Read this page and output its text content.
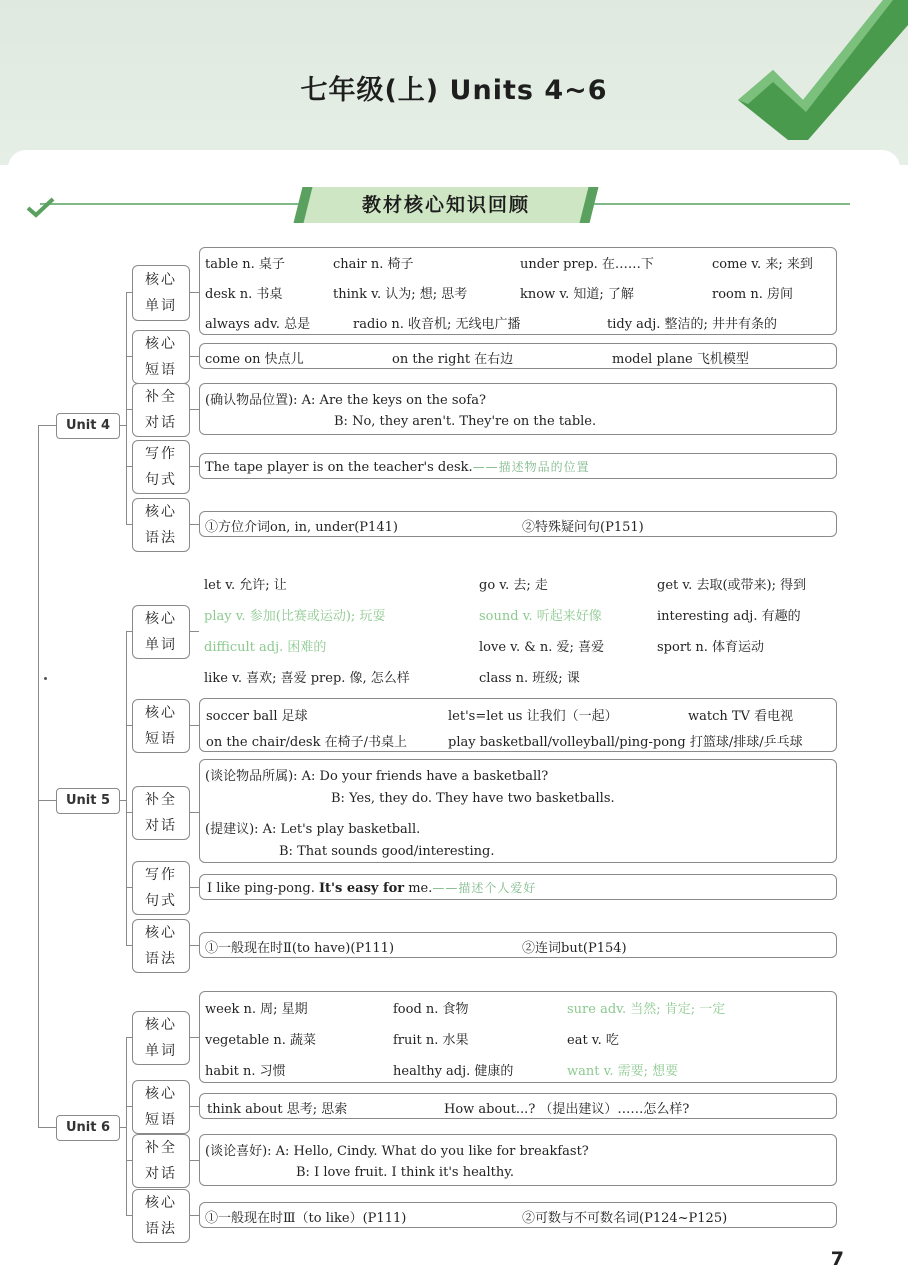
七年级(上) Units 4~6
教材核心知识回顾
Unit 4
核心
单词
table n. 桌子	chair n. 椅子	under prep. 在……下	come v. 来; 来到
desk n. 书桌	think v. 认为; 想; 思考	know v. 知道; 了解	room n. 房间
always adv. 总是	radio n. 收音机; 无线电广播	tidy adj. 整洁的; 井井有条的
核心
短语
come on 快点儿	on the right 在右边	model plane 飞机模型
补全
对话
(确认物品位置): A: Are the keys on the sofa?
B: No, they aren't. They're on the table.
写作
句式
The tape player is on the teacher's desk.——描述物品的位置
核心
语法
①方位介词on, in, under(P141)	②特殊疑问句(P151)
Unit 5
核心
单词
let v. 允许; 让	go v. 去; 走	get v. 去取(或带来); 得到
play v. 参加(比赛或运动); 玩耍	sound v. 听起来好像	interesting adj. 有趣的
difficult adj. 困难的	love v. & n. 爱; 喜爱	sport n. 体育运动
like v. 喜欢; 喜爱 prep. 像, 怎么样	class n. 班级; 课
核心
短语
soccer ball 足球	let's=let us 让我们（一起）	watch TV 看电视
on the chair/desk 在椅子/书桌上	play basketball/volleyball/ping-pong 打篮球/排球/乒乓球
补全
对话
(谈论物品所属): A: Do your friends have a basketball?
B: Yes, they do. They have two basketballs.
(提建议): A: Let's play basketball.
B: That sounds good/interesting.
写作
句式
I like ping-pong. It's easy for me.——描述个人爱好
核心
语法
①一般现在时Ⅱ(to have)(P111)	②连词but(P154)
Unit 6
核心
单词
week n. 周; 星期	food n. 食物	sure adv. 当然; 肯定; 一定
vegetable n. 蔬菜	fruit n. 水果	eat v. 吃
habit n. 习惯	healthy adj. 健康的	want v. 需要; 想要
核心
短语
think about 思考; 思索	How about...? （提出建议）……怎么样?
补全
对话
(谈论喜好): A: Hello, Cindy. What do you like for breakfast?
B: I love fruit. I think it's healthy.
核心
语法
①一般现在时Ⅲ（to like）(P111)	②可数与不可数名词(P124~P125)
7
